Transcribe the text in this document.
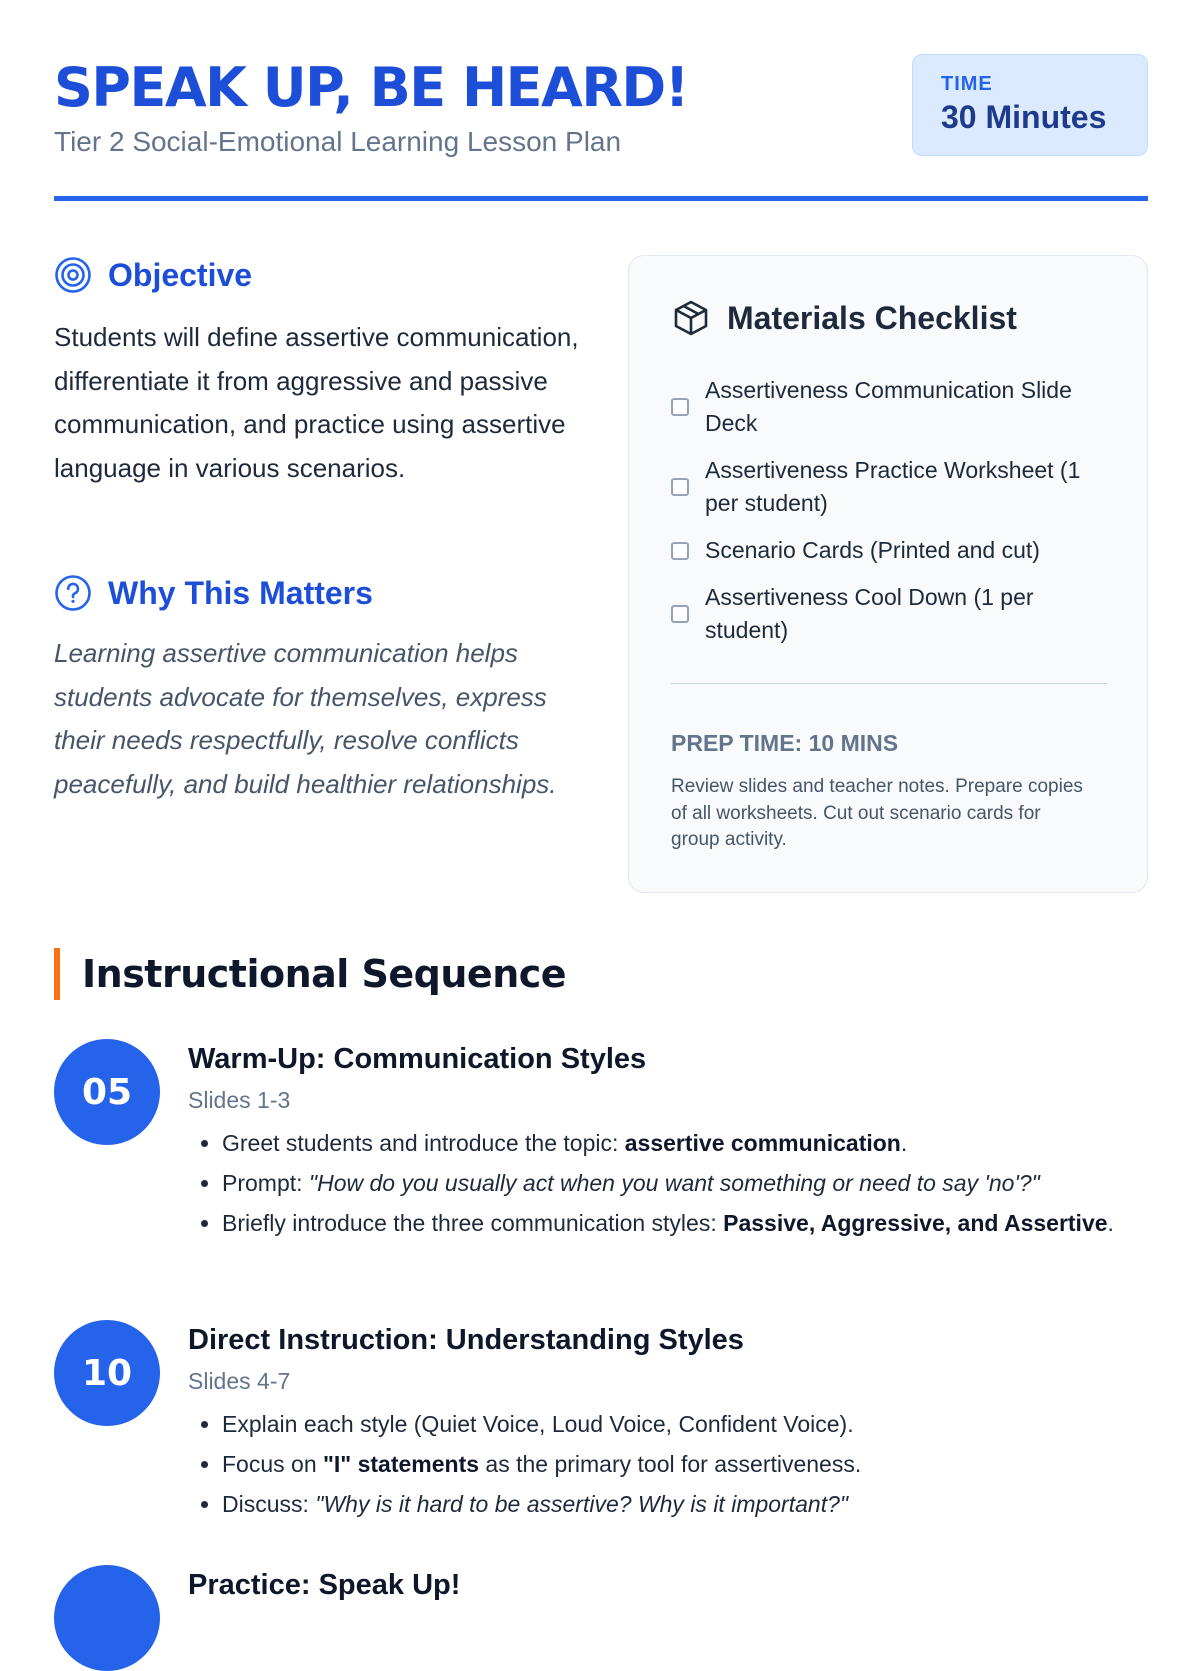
SPEAK UP, BE HEARD!
Tier 2 Social-Emotional Learning Lesson Plan
TIME
30 Minutes
Objective

Students will define assertive communication, differentiate it from aggressive and passive communication, and practice using assertive language in various scenarios.

Why This Matters

Learning assertive communication helps students advocate for themselves, express their needs respectfully, resolve conflicts peacefully, and build healthier relationships.

Materials Checklist
Assertiveness Communication Slide Deck
Assertiveness Practice Worksheet (1 per student)
Scenario Cards (Printed and cut)
Assertiveness Cool Down (1 per student)
PREP TIME: 10 MINS
Review slides and teacher notes. Prepare copies of all worksheets. Cut out scenario cards for group activity.
Instructional Sequence
05
Warm-Up: Communication Styles
Slides 1-3
• Greet students and introduce the topic: assertive communication.
• Prompt: "How do you usually act when you want something or need to say 'no'?"
• Briefly introduce the three communication styles: Passive, Aggressive, and Assertive.
10
Direct Instruction: Understanding Styles
Slides 4-7
• Explain each style (Quiet Voice, Loud Voice, Confident Voice).
• Focus on "I" statements as the primary tool for assertiveness.
• Discuss: "Why is it hard to be assertive? Why is it important?"
Practice: Speak Up!
